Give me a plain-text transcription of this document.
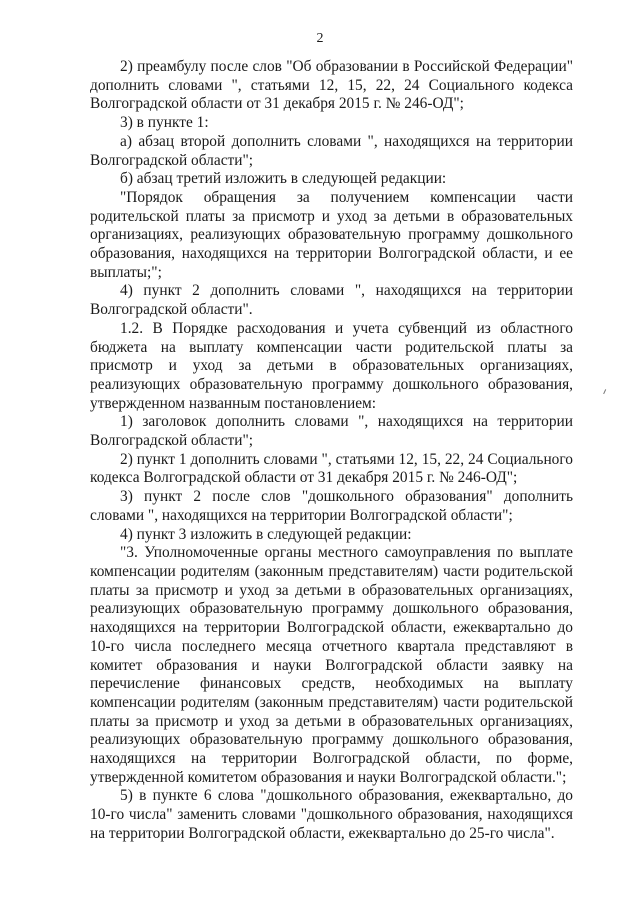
2

2) преамбулу после слов "Об образовании в Российской Федерации" дополнить словами ", статьями 12, 15, 22, 24 Социального кодекса Волгоградской области от 31 декабря 2015 г. № 246-ОД";

3) в пункте 1:

а) абзац второй дополнить словами ", находящихся на территории Волгоградской области";

б) абзац третий изложить в следующей редакции:

"Порядок обращения за получением компенсации части родительской платы за присмотр и уход за детьми в образовательных организациях, реализующих образовательную программу дошкольного образования, находящихся на территории Волгоградской области, и ее выплаты;";

4) пункт 2 дополнить словами ", находящихся на территории Волгоградской области".

1.2. В Порядке расходования и учета субвенций из областного бюджета на выплату компенсации части родительской платы за присмотр и уход за детьми в образовательных организациях, реализующих образовательную программу дошкольного образования, утвержденном названным постановлением:

1) заголовок дополнить словами ", находящихся на территории Волгоградской области";

2) пункт 1 дополнить словами ", статьями 12, 15, 22, 24 Социального кодекса Волгоградской области от 31 декабря 2015 г. № 246-ОД";

3) пункт 2 после слов "дошкольного образования" дополнить словами ", находящихся на территории Волгоградской области";

4) пункт 3 изложить в следующей редакции:

"3. Уполномоченные органы местного самоуправления по выплате компенсации родителям (законным представителям) части родительской платы за присмотр и уход за детьми в образовательных организациях, реализующих образовательную программу дошкольного образования, находящихся на территории Волгоградской области, ежеквартально до 10-го числа последнего месяца отчетного квартала представляют в комитет образования и науки Волгоградской области заявку на перечисление финансовых средств, необходимых на выплату компенсации родителям (законным представителям) части родительской платы за присмотр и уход за детьми в образовательных организациях, реализующих образовательную программу дошкольного образования, находящихся на территории Волгоградской области, по форме, утвержденной комитетом образования и науки Волгоградской области.";

5) в пункте 6 слова "дошкольного образования, ежеквартально, до 10-го числа" заменить словами "дошкольного образования, находящихся на территории Волгоградской области, ежеквартально до 25-го числа".
